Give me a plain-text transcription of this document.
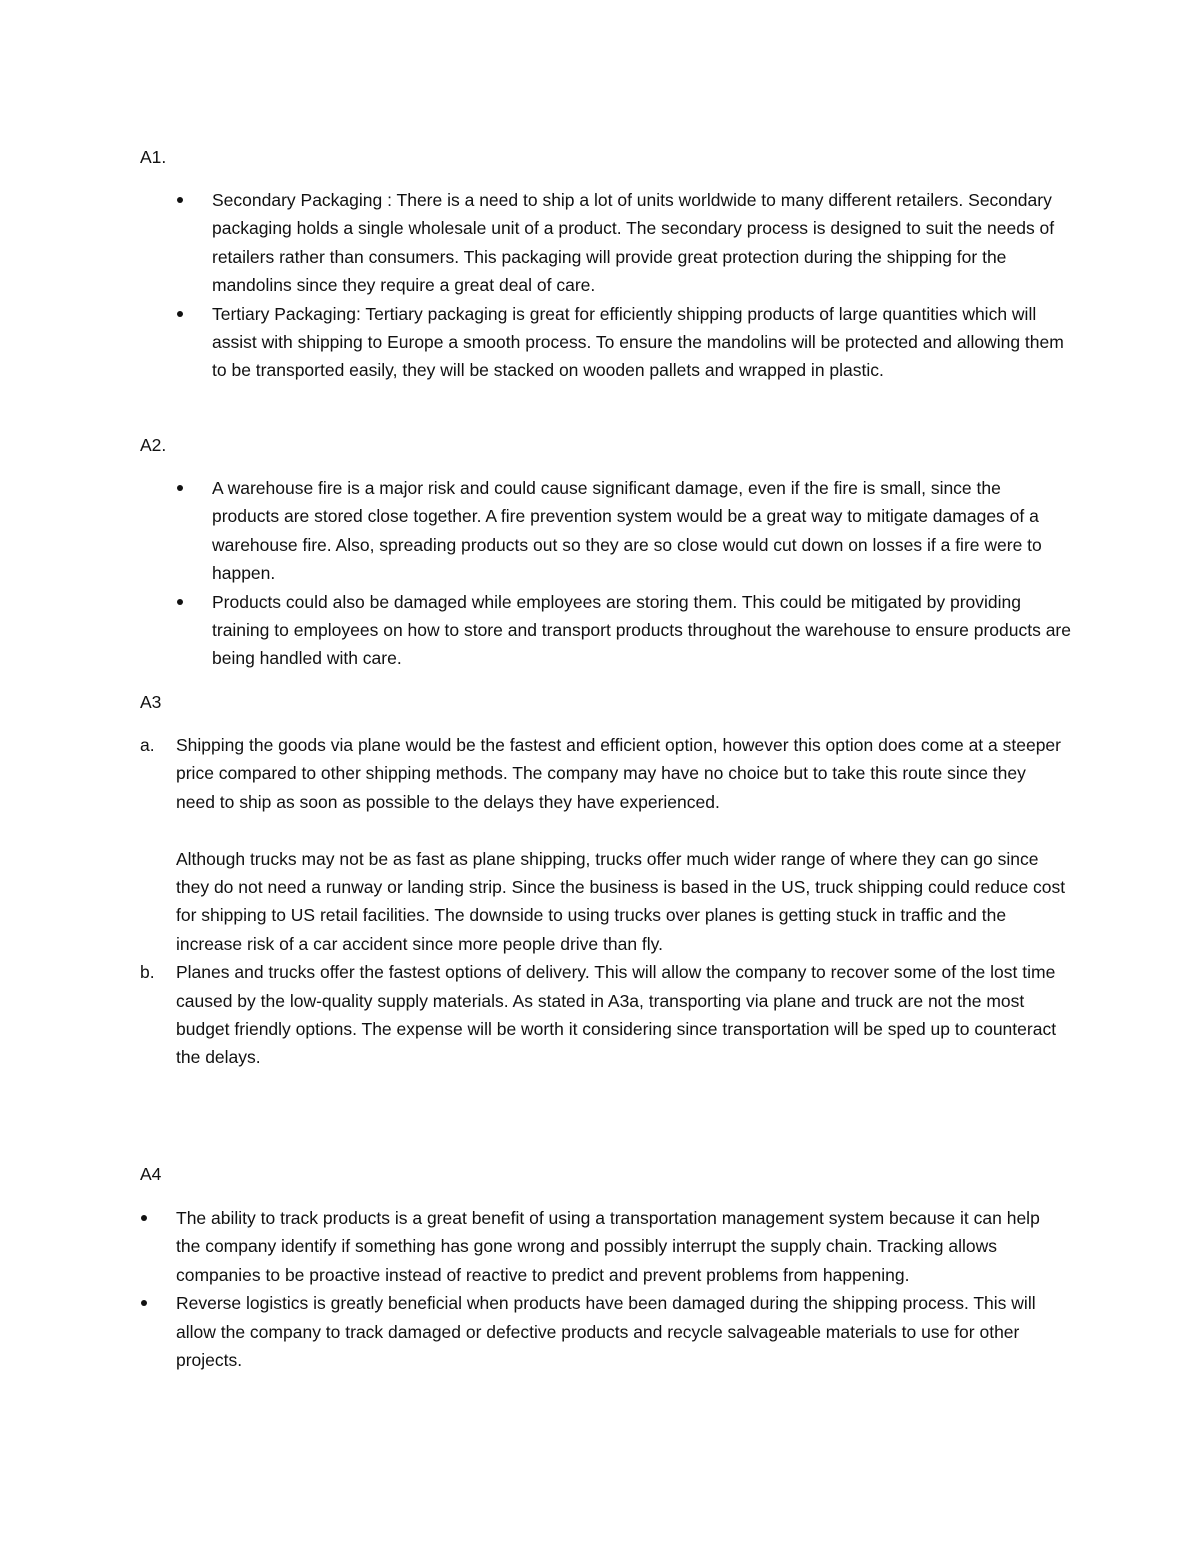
A1.

Secondary Packaging : There is a need to ship a lot of units worldwide to many different retailers. Secondary packaging holds a single wholesale unit of a product. The secondary process is designed to suit the needs of retailers rather than consumers. This packaging will provide great protection during the shipping for the mandolins since they require a great deal of care.
Tertiary Packaging: Tertiary packaging is great for efficiently shipping products of large quantities which will assist with shipping to Europe a smooth process. To ensure the mandolins will be protected and allowing them to be transported easily, they will be stacked on wooden pallets and wrapped in plastic.

A2.

A warehouse fire is a major risk and could cause significant damage, even if the fire is small, since the products are stored close together. A fire prevention system would be a great way to mitigate damages of a warehouse fire. Also, spreading products out so they are so close would cut down on losses if a fire were to happen.
Products could also be damaged while employees are storing them. This could be mitigated by providing training to employees on how to store and transport products throughout the warehouse to ensure products are being handled with care.

A3

a. Shipping the goods via plane would be the fastest and efficient option, however this option does come at a steeper price compared to other shipping methods. The company may have no choice but to take this route since they need to ship as soon as possible to the delays they have experienced.

Although trucks may not be as fast as plane shipping, trucks offer much wider range of where they can go since they do not need a runway or landing strip. Since the business is based in the US, truck shipping could reduce cost for shipping to US retail facilities. The downside to using trucks over planes is getting stuck in traffic and the increase risk of a car accident since more people drive than fly.

b. Planes and trucks offer the fastest options of delivery. This will allow the company to recover some of the lost time caused by the low-quality supply materials. As stated in A3a, transporting via plane and truck are not the most budget friendly options. The expense will be worth it considering since transportation will be sped up to counteract the delays.

A4

The ability to track products is a great benefit of using a transportation management system because it can help the company identify if something has gone wrong and possibly interrupt the supply chain. Tracking allows companies to be proactive instead of reactive to predict and prevent problems from happening.
Reverse logistics is greatly beneficial when products have been damaged during the shipping process. This will allow the company to track damaged or defective products and recycle salvageable materials to use for other projects.
